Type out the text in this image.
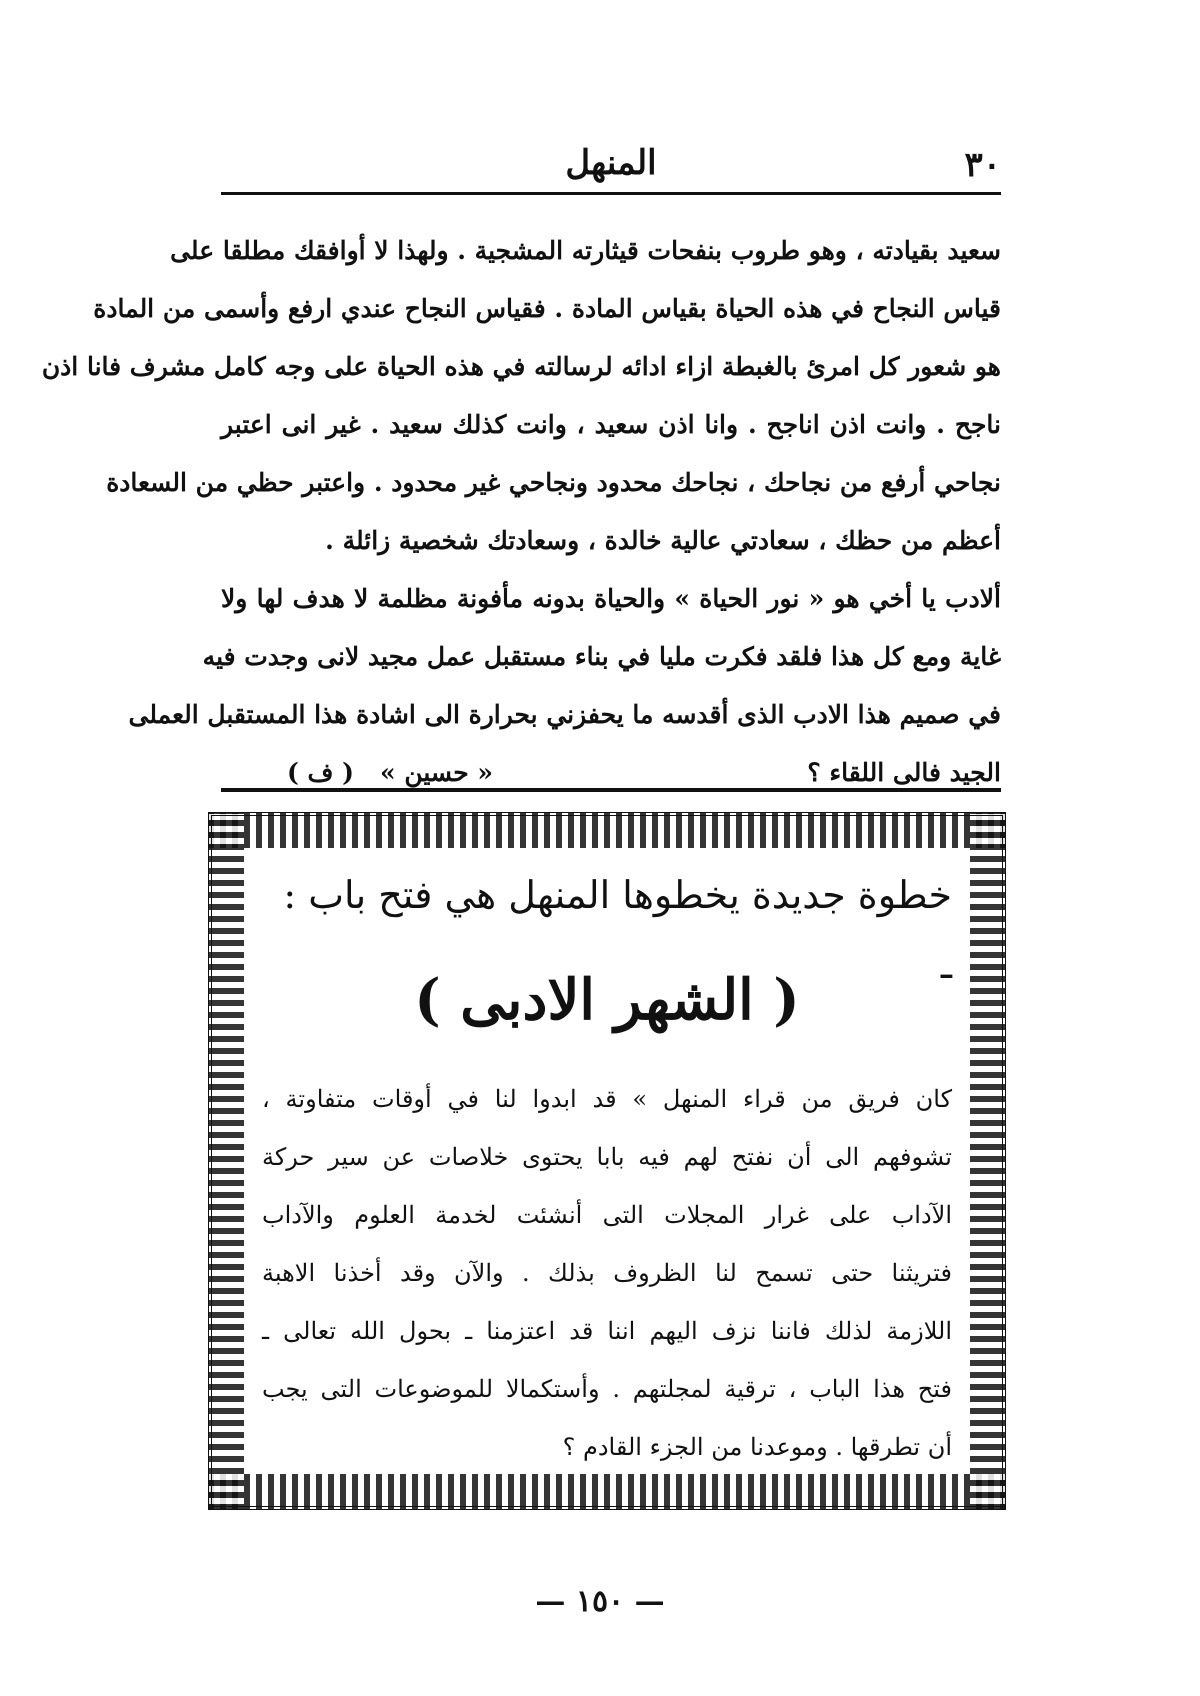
٣٠
المنهل
سعيد بقيادته ، وهو طروب بنفحات قيثارته المشجية . ولهذا لا أوافقك مطلقا على
قياس النجاح في هذه الحياة بقياس المادة . فقياس النجاح عندي ارفع وأسمى من المادة
هو شعور كل امرئ بالغبطة ازاء ادائه لرسالته في هذه الحياة على وجه كامل مشرف فانا اذن
ناجح . وانت اذن اناجح . وانا اذن سعيد ، وانت كذلك سعيد . غير انى اعتبر
نجاحي أرفع من نجاحك ، نجاحك محدود ونجاحي غير محدود . واعتبر حظي من السعادة
أعظم من حظك ، سعادتي عالية خالدة ، وسعادتك شخصية زائلة .
ألادب يا أخي هو « نور الحياة » والحياة بدونه مأفونة مظلمة لا هدف لها ولا
غاية ومع كل هذا فلقد فكرت مليا في بناء مستقبل عمل مجيد لانى وجدت فيه
في صميم هذا الادب الذى أقدسه ما يحفزني بحرارة الى اشادة هذا المستقبل العملى
الجيد فالى اللقاء ؟
« حسين »
( ف )
خطوة جديدة يخطوها المنهل هي فتح باب : ـ
( الشهر الادبى )
كان فريق من قراء المنهل » قد ابدوا لنا في أوقات متفاوتة ،
تشوفهم الى أن نفتح لهم فيه بابا يحتوى خلاصات عن سير حركة
الآداب على غرار المجلات التى أنشئت لخدمة العلوم والآداب
فتريثنا حتى تسمح لنا الظروف بذلك . والآن وقد أخذنا الاهبة
اللازمة لذلك فاننا نزف اليهم اننا قد اعتزمنا ـ بحول الله تعالى ـ
فتح هذا الباب ، ترقية لمجلتهم . وأستكمالا للموضوعات التى يجب
أن تطرقها . وموعدنا من الجزء القادم ؟
— ١٥٠ —
